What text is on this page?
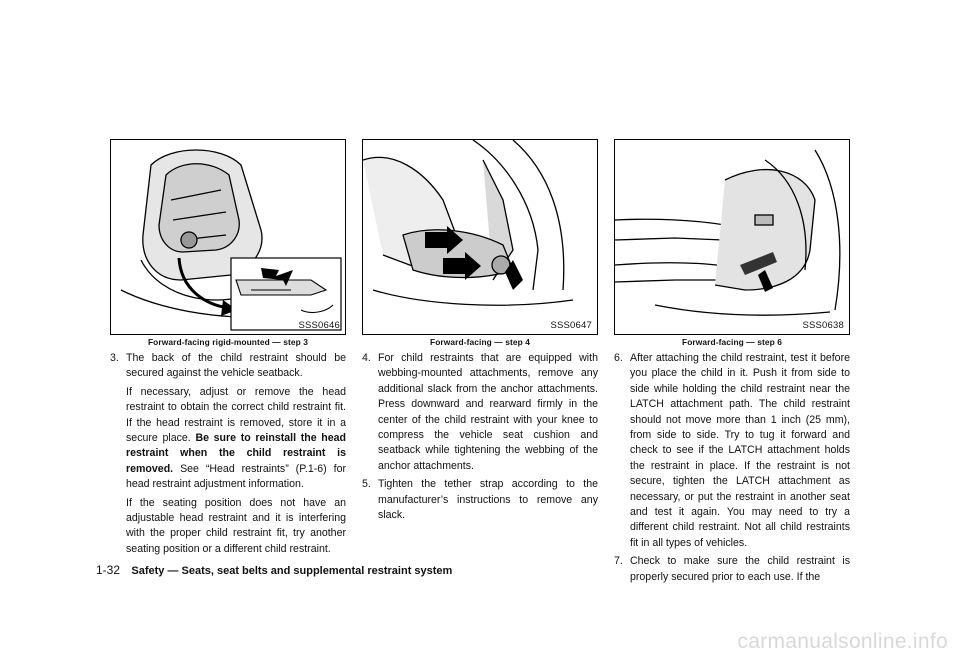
SSS0646
Forward-facing rigid-mounted — step 3
3. The back of the child restraint should be secured against the vehicle seatback.

If necessary, adjust or remove the head restraint to obtain the correct child restraint fit. If the head restraint is removed, store it in a secure place. Be sure to reinstall the head restraint when the child restraint is removed. See “Head restraints” (P.1-6) for head restraint adjustment information.

If the seating position does not have an adjustable head restraint and it is interfering with the proper child restraint fit, try another seating position or a different child restraint.

SSS0647
Forward-facing — step 4
4. For child restraints that are equipped with webbing-mounted attachments, remove any additional slack from the anchor attachments. Press downward and rearward firmly in the center of the child restraint with your knee to compress the vehicle seat cushion and seatback while tightening the webbing of the anchor attachments.

5. Tighten the tether strap according to the manufacturer’s instructions to remove any slack.

SSS0638
Forward-facing — step 6
6. After attaching the child restraint, test it before you place the child in it. Push it from side to side while holding the child restraint near the LATCH attachment path. The child restraint should not move more than 1 inch (25 mm), from side to side. Try to tug it forward and check to see if the LATCH attachment holds the restraint in place. If the restraint is not secure, tighten the LATCH attachment as necessary, or put the restraint in another seat and test it again. You may need to try a different child restraint. Not all child restraints fit in all types of vehicles.

7. Check to make sure the child restraint is properly secured prior to each use. If the

1-32 Safety — Seats, seat belts and supplemental restraint system
carmanualsonline.info
